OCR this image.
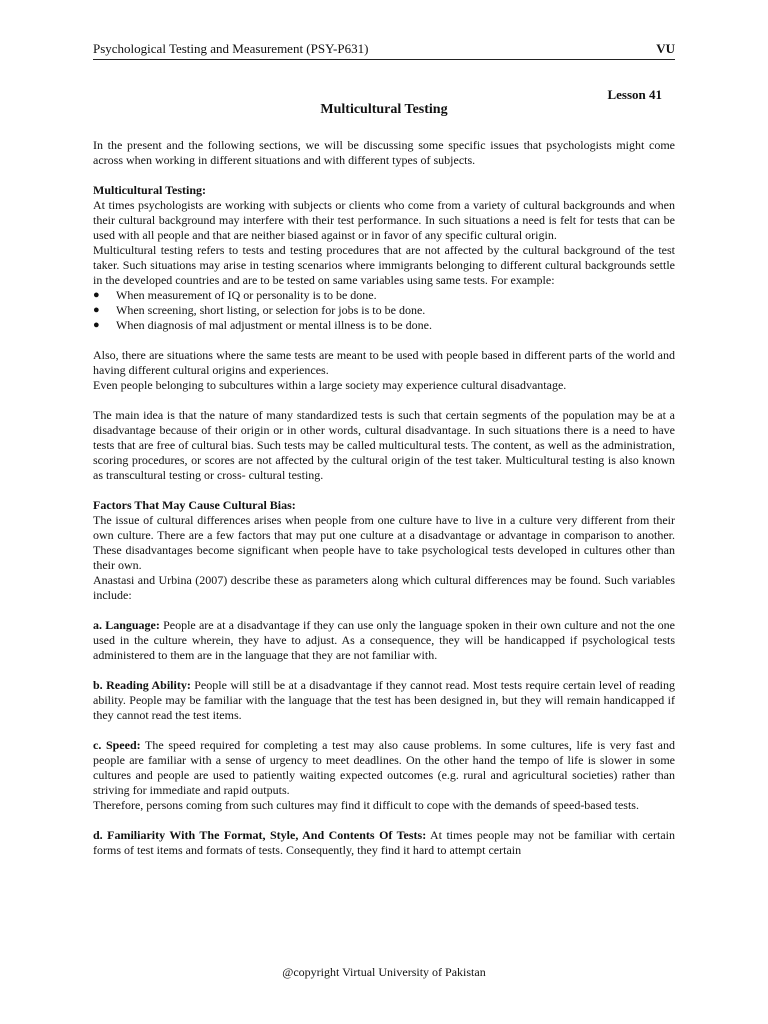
Psychological Testing and Measurement (PSY-P631)	VU
Lesson 41
Multicultural Testing

In the present and the following sections, we will be discussing some specific issues that psychologists might come across when working in different situations and with different types of subjects.

Multicultural Testing:

At times psychologists are working with subjects or clients who come from a variety of cultural backgrounds and when their cultural background may interfere with their test performance. In such situations a need is felt for tests that can be used with all people and that are neither biased against or in favor of any specific cultural origin.

Multicultural testing refers to tests and testing procedures that are not affected by the cultural background of the test taker. Such situations may arise in testing scenarios where immigrants belonging to different cultural backgrounds settle in the developed countries and are to be tested on same variables using same tests. For example:

●	When measurement of IQ or personality is to be done.
●	When screening, short listing, or selection for jobs is to be done.
●	When diagnosis of mal adjustment or mental illness is to be done.

Also, there are situations where the same tests are meant to be used with people based in different parts of the world and having different cultural origins and experiences.

Even people belonging to subcultures within a large society may experience cultural disadvantage.

The main idea is that the nature of many standardized tests is such that certain segments of the population may be at a disadvantage because of their origin or in other words, cultural disadvantage. In such situations there is a need to have tests that are free of cultural bias. Such tests may be called multicultural tests. The content, as well as the administration, scoring procedures, or scores are not affected by the cultural origin of the test taker. Multicultural testing is also known as transcultural testing or cross- cultural testing.

Factors That May Cause Cultural Bias:

The issue of cultural differences arises when people from one culture have to live in a culture very different from their own culture. There are a few factors that may put one culture at a disadvantage or advantage in comparison to another. These disadvantages become significant when people have to take psychological tests developed in cultures other than their own.

Anastasi and Urbina (2007) describe these as parameters along which cultural differences may be found. Such variables include:

a. Language: People are at a disadvantage if they can use only the language spoken in their own culture and not the one used in the culture wherein, they have to adjust. As a consequence, they will be handicapped if psychological tests administered to them are in the language that they are not familiar with.

b. Reading Ability: People will still be at a disadvantage if they cannot read. Most tests require certain level of reading ability. People may be familiar with the language that the test has been designed in, but they will remain handicapped if they cannot read the test items.

c. Speed: The speed required for completing a test may also cause problems. In some cultures, life is very fast and people are familiar with a sense of urgency to meet deadlines. On the other hand the tempo of life is slower in some cultures and people are used to patiently waiting expected outcomes (e.g. rural and agricultural societies) rather than striving for immediate and rapid outputs.

Therefore, persons coming from such cultures may find it difficult to cope with the demands of speed-based tests.

d. Familiarity With The Format, Style, And Contents Of Tests: At times people may not be familiar with certain forms of test items and formats of tests. Consequently, they find it hard to attempt certain

@copyright Virtual University of Pakistan
